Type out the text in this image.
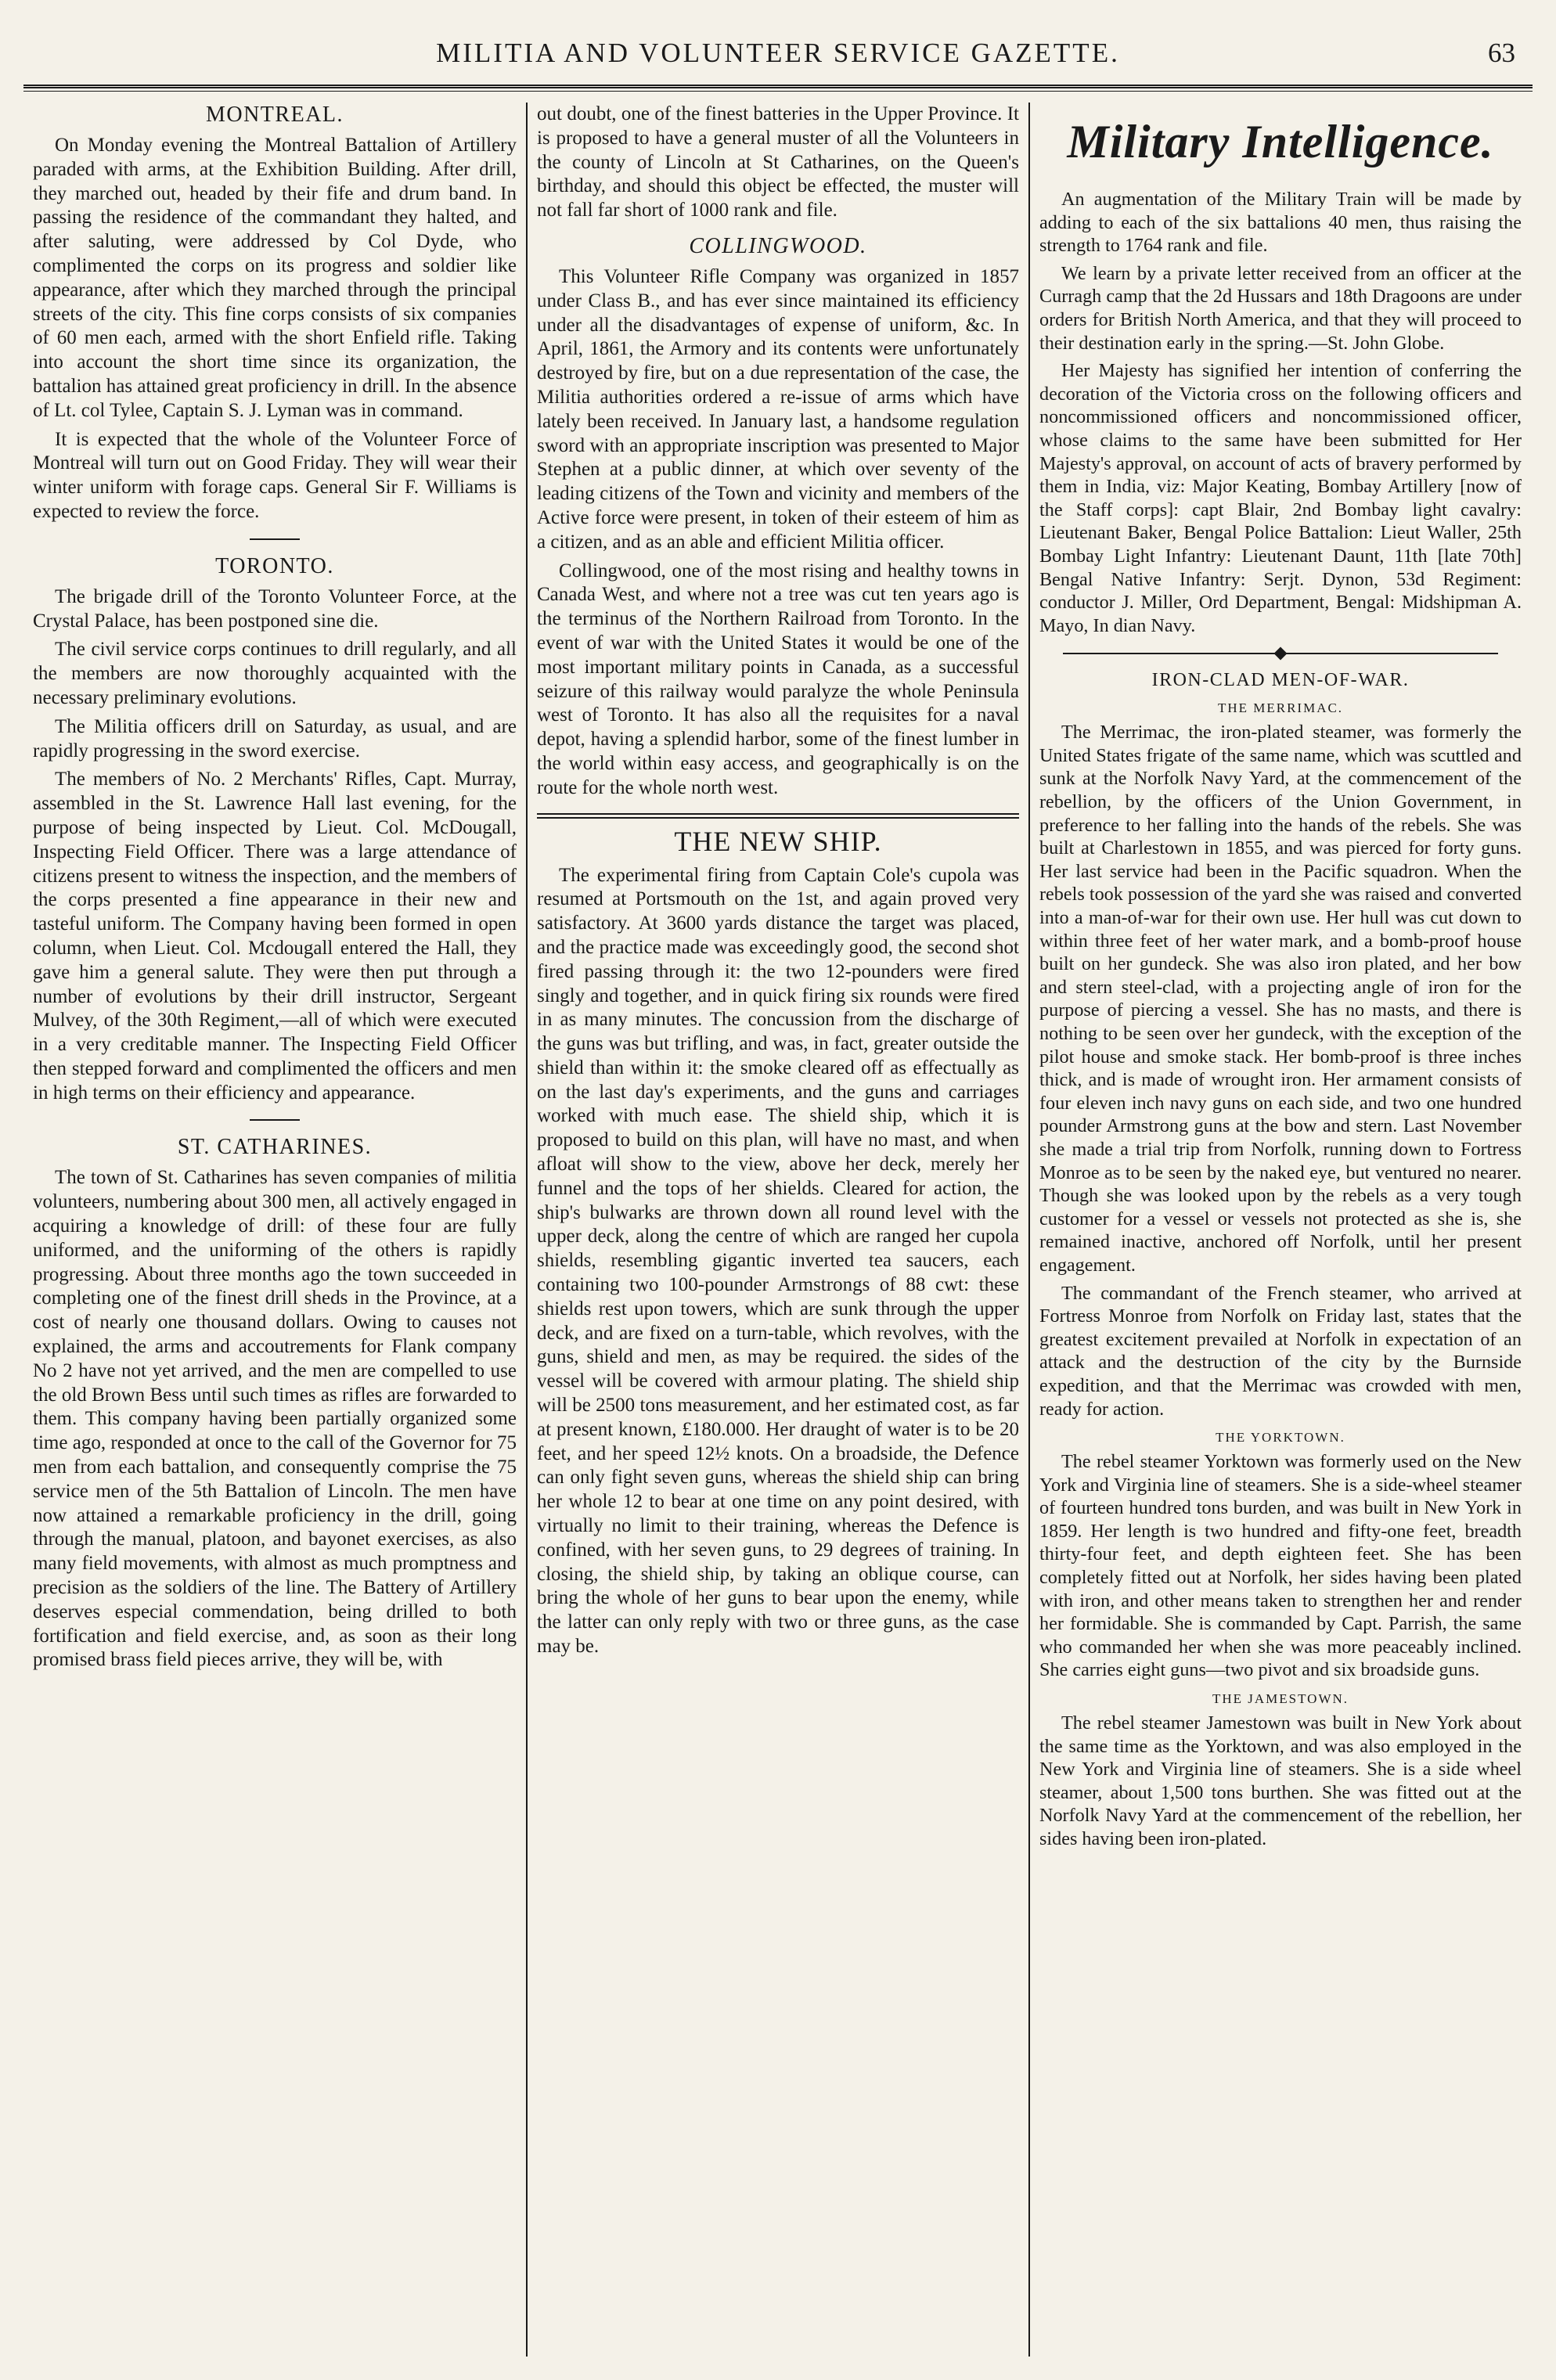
MILITIA AND VOLUNTEER SERVICE GAZETTE.	63
MONTREAL.

On Monday evening the Montreal Battalion of Artillery paraded with arms, at the Exhibition Building. After drill, they marched out, headed by their fife and drum band. In passing the residence of the commandant they halted, and after saluting, were addressed by Col Dyde, who complimented the corps on its progress and soldier like appearance, after which they marched through the principal streets of the city. This fine corps consists of six companies of 60 men each, armed with the short Enfield rifle. Taking into account the short time since its organization, the battalion has attained great proficiency in drill. In the absence of Lt. col Tylee, Captain S. J. Lyman was in command.

It is expected that the whole of the Volunteer Force of Montreal will turn out on Good Friday. They will wear their winter uniform with forage caps. General Sir F. Williams is expected to review the force.

TORONTO.

The brigade drill of the Toronto Volunteer Force, at the Crystal Palace, has been postponed sine die.

The civil service corps continues to drill regularly, and all the members are now thoroughly acquainted with the necessary preliminary evolutions.

The Militia officers drill on Saturday, as usual, and are rapidly progressing in the sword exercise.

The members of No. 2 Merchants' Rifles, Capt. Murray, assembled in the St. Lawrence Hall last evening, for the purpose of being inspected by Lieut. Col. McDougall, Inspecting Field Officer. There was a large attendance of citizens present to witness the inspection, and the members of the corps presented a fine appearance in their new and tasteful uniform. The Company having been formed in open column, when Lieut. Col. Mcdougall entered the Hall, they gave him a general salute. They were then put through a number of evolutions by their drill instructor, Sergeant Mulvey, of the 30th Regiment,—all of which were executed in a very creditable manner. The Inspecting Field Officer then stepped forward and complimented the officers and men in high terms on their efficiency and appearance.

ST. CATHARINES.

The town of St. Catharines has seven companies of militia volunteers, numbering about 300 men, all actively engaged in acquiring a knowledge of drill: of these four are fully uniformed, and the uniforming of the others is rapidly progressing. About three months ago the town succeeded in completing one of the finest drill sheds in the Province, at a cost of nearly one thousand dollars. Owing to causes not explained, the arms and accoutrements for Flank company No 2 have not yet arrived, and the men are compelled to use the old Brown Bess until such times as rifles are forwarded to them. This company having been partially organized some time ago, responded at once to the call of the Governor for 75 men from each battalion, and consequently comprise the 75 service men of the 5th Battalion of Lincoln. The men have now attained a remarkable proficiency in the drill, going through the manual, platoon, and bayonet exercises, as also many field movements, with almost as much promptness and precision as the soldiers of the line. The Battery of Artillery deserves especial commendation, being drilled to both fortification and field exercise, and, as soon as their long promised brass field pieces arrive, they will be, with

out doubt, one of the finest batteries in the Upper Province. It is proposed to have a general muster of all the Volunteers in the county of Lincoln at St Catharines, on the Queen's birthday, and should this object be effected, the muster will not fall far short of 1000 rank and file.

COLLINGWOOD.

This Volunteer Rifle Company was organized in 1857 under Class B., and has ever since maintained its efficiency under all the disadvantages of expense of uniform, &c. In April, 1861, the Armory and its contents were unfortunately destroyed by fire, but on a due representation of the case, the Militia authorities ordered a re-issue of arms which have lately been received. In January last, a handsome regulation sword with an appropriate inscription was presented to Major Stephen at a public dinner, at which over seventy of the leading citizens of the Town and vicinity and members of the Active force were present, in token of their esteem of him as a citizen, and as an able and efficient Militia officer.

Collingwood, one of the most rising and healthy towns in Canada West, and where not a tree was cut ten years ago is the terminus of the Northern Railroad from Toronto. In the event of war with the United States it would be one of the most important military points in Canada, as a successful seizure of this railway would paralyze the whole Peninsula west of Toronto. It has also all the requisites for a naval depot, having a splendid harbor, some of the finest lumber in the world within easy access, and geographically is on the route for the whole north west.

THE NEW SHIP.

The experimental firing from Captain Cole's cupola was resumed at Portsmouth on the 1st, and again proved very satisfactory. At 3600 yards distance the target was placed, and the practice made was exceedingly good, the second shot fired passing through it: the two 12-pounders were fired singly and together, and in quick firing six rounds were fired in as many minutes. The concussion from the discharge of the guns was but trifling, and was, in fact, greater outside the shield than within it: the smoke cleared off as effectually as on the last day's experiments, and the guns and carriages worked with much ease. The shield ship, which it is proposed to build on this plan, will have no mast, and when afloat will show to the view, above her deck, merely her funnel and the tops of her shields. Cleared for action, the ship's bulwarks are thrown down all round level with the upper deck, along the centre of which are ranged her cupola shields, resembling gigantic inverted tea saucers, each containing two 100-pounder Armstrongs of 88 cwt: these shields rest upon towers, which are sunk through the upper deck, and are fixed on a turn-table, which revolves, with the guns, shield and men, as may be required. the sides of the vessel will be covered with armour plating. The shield ship will be 2500 tons measurement, and her estimated cost, as far at present known, £180.000. Her draught of water is to be 20 feet, and her speed 12½ knots. On a broadside, the Defence can only fight seven guns, whereas the shield ship can bring her whole 12 to bear at one time on any point desired, with virtually no limit to their training, whereas the Defence is confined, with her seven guns, to 29 degrees of training. In closing, the shield ship, by taking an oblique course, can bring the whole of her guns to bear upon the enemy, while the latter can only reply with two or three guns, as the case may be.

Military Intelligence.

An augmentation of the Military Train will be made by adding to each of the six battalions 40 men, thus raising the strength to 1764 rank and file.

We learn by a private letter received from an officer at the Curragh camp that the 2d Hussars and 18th Dragoons are under orders for British North America, and that they will proceed to their destination early in the spring.—St. John Globe.

Her Majesty has signified her intention of conferring the decoration of the Victoria cross on the following officers and noncommissioned officers and noncommissioned officer, whose claims to the same have been submitted for Her Majesty's approval, on account of acts of bravery performed by them in India, viz: Major Keating, Bombay Artillery [now of the Staff corps]: capt Blair, 2nd Bombay light cavalry: Lieutenant Baker, Bengal Police Battalion: Lieut Waller, 25th Bombay Light Infantry: Lieutenant Daunt, 11th [late 70th] Bengal Native Infantry: Serjt. Dynon, 53d Regiment: conductor J. Miller, Ord Department, Bengal: Midshipman A. Mayo, In dian Navy.

IRON-CLAD MEN-OF-WAR.
THE MERRIMAC.

The Merrimac, the iron-plated steamer, was formerly the United States frigate of the same name, which was scuttled and sunk at the Norfolk Navy Yard, at the commencement of the rebellion, by the officers of the Union Government, in preference to her falling into the hands of the rebels. She was built at Charlestown in 1855, and was pierced for forty guns. Her last service had been in the Pacific squadron. When the rebels took possession of the yard she was raised and converted into a man-of-war for their own use. Her hull was cut down to within three feet of her water mark, and a bomb-proof house built on her gundeck. She was also iron plated, and her bow and stern steel-clad, with a projecting angle of iron for the purpose of piercing a vessel. She has no masts, and there is nothing to be seen over her gundeck, with the exception of the pilot house and smoke stack. Her bomb-proof is three inches thick, and is made of wrought iron. Her armament consists of four eleven inch navy guns on each side, and two one hundred pounder Armstrong guns at the bow and stern. Last November she made a trial trip from Norfolk, running down to Fortress Monroe as to be seen by the naked eye, but ventured no nearer. Though she was looked upon by the rebels as a very tough customer for a vessel or vessels not protected as she is, she remained inactive, anchored off Norfolk, until her present engagement.

The commandant of the French steamer, who arrived at Fortress Monroe from Norfolk on Friday last, states that the greatest excitement prevailed at Norfolk in expectation of an attack and the destruction of the city by the Burnside expedition, and that the Merrimac was crowded with men, ready for action.

THE YORKTOWN.

The rebel steamer Yorktown was formerly used on the New York and Virginia line of steamers. She is a side-wheel steamer of fourteen hundred tons burden, and was built in New York in 1859. Her length is two hundred and fifty-one feet, breadth thirty-four feet, and depth eighteen feet. She has been completely fitted out at Norfolk, her sides having been plated with iron, and other means taken to strengthen her and render her formidable. She is commanded by Capt. Parrish, the same who commanded her when she was more peaceably inclined. She carries eight guns—two pivot and six broadside guns.

THE JAMESTOWN.

The rebel steamer Jamestown was built in New York about the same time as the Yorktown, and was also employed in the New York and Virginia line of steamers. She is a side wheel steamer, about 1,500 tons burthen. She was fitted out at the Norfolk Navy Yard at the commencement of the rebellion, her sides having been iron-plated.
